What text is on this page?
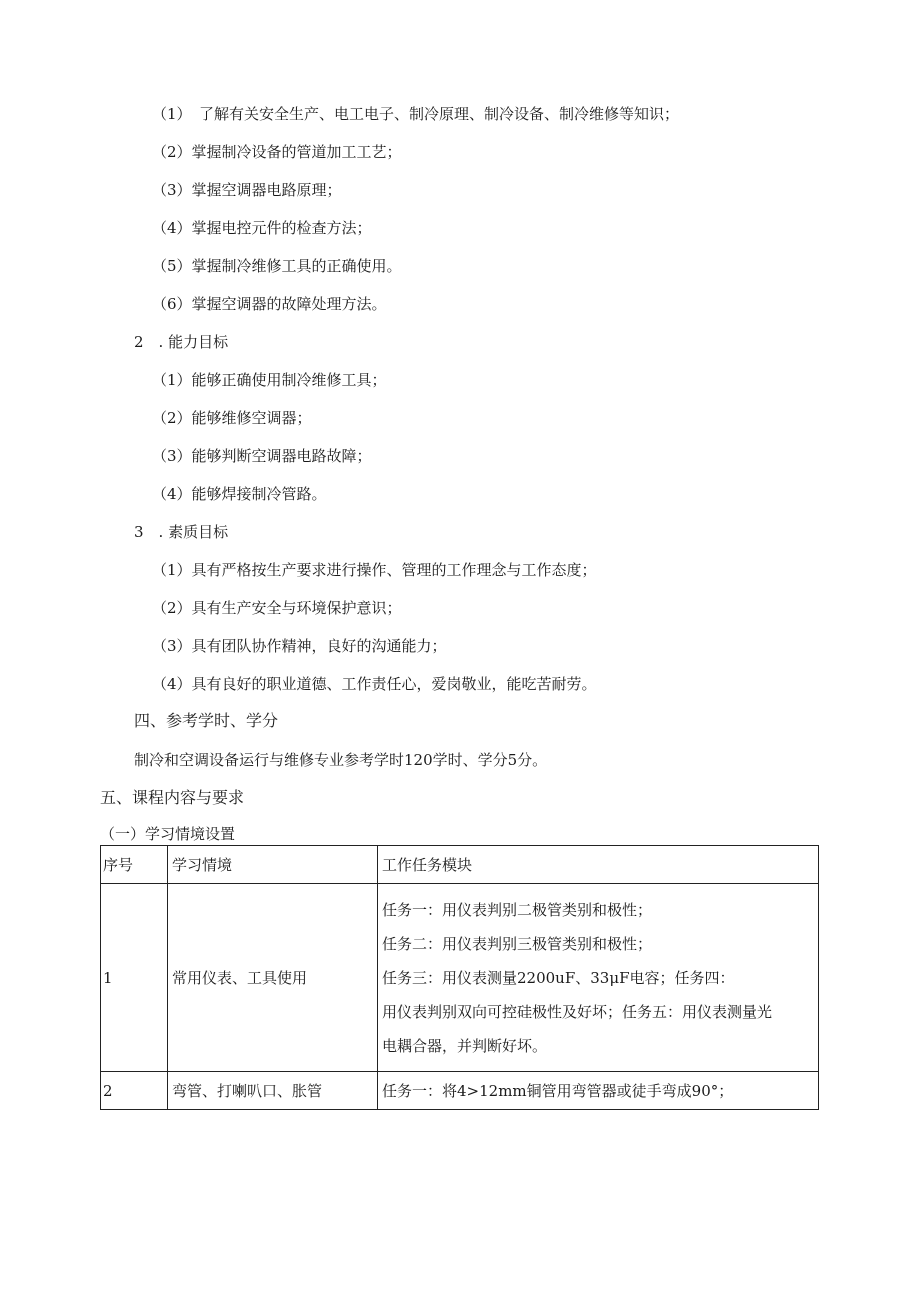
（1）　了解有关安全生产、电工电子、制冷原理、制冷设备、制冷维修等知识；
（2）掌握制冷设备的管道加工工艺；
（3）掌握空调器电路原理；
（4）掌握电控元件的检查方法；
（5）掌握制冷维修工具的正确使用。
（6）掌握空调器的故障处理方法。
2　. 能力目标
（1）能够正确使用制冷维修工具；
（2）能够维修空调器；
（3）能够判断空调器电路故障；
（4）能够焊接制冷管路。
3　. 素质目标
（1）具有严格按生产要求进行操作、管理的工作理念与工作态度；
（2）具有生产安全与环境保护意识；
（3）具有团队协作精神，良好的沟通能力；
（4）具有良好的职业道德、工作责任心，爱岗敬业，能吃苦耐劳。
四、参考学时、学分
制冷和空调设备运行与维修专业参考学时120学时、学分5分。
五、课程内容与要求
（一）学习情境设置
序号	学习情境	工作任务模块
1	常用仪表、工具使用	任务一：用仪表判别二极管类别和极性；
任务二：用仪表判别三极管类别和极性；
任务三：用仪表测量2200uF、33μF电容；任务四：
用仪表判别双向可控硅极性及好坏；任务五：用仪表测量光
电耦合器，并判断好坏。

2	弯管、打喇叭口、胀管	任务一：将4>12mm铜管用弯管器或徒手弯成90°；
